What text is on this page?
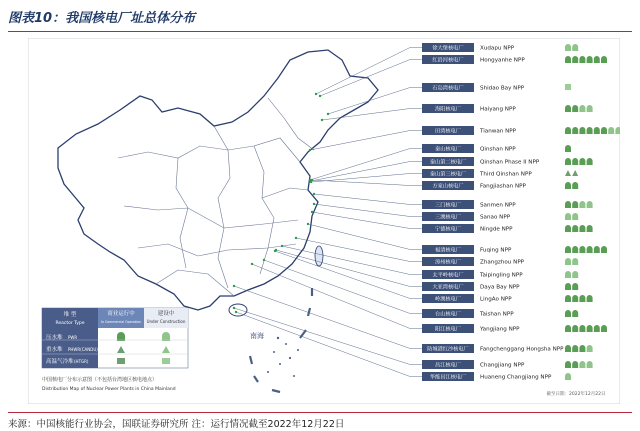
图表10：我国核电厂址总体分布
南海
徐大堡核电厂	Xudapu NPP
红沿河核电厂	Hongyanhe NPP
石岛湾核电厂	Shidao Bay NPP
海阳核电厂	Haiyang NPP
田湾核电厂	Tianwan NPP
秦山核电厂	Qinshan NPP
秦山第二核电厂 Qinshan Phase II NPP
秦山第三核电厂 Third Qinshan NPP
方家山核电厂	Fangjiashan NPP
三门核电厂	Sanmen NPP
三澳核电厂	Sanao NPP
宁德核电厂	Ningde NPP
福清核电厂	Fuqing NPP
漳州核电厂	Zhangzhou NPP
太平岭核电厂	Taipingling NPP
大亚湾核电厂	Daya Bay NPP
岭澳核电厂	LingAo NPP
台山核电厂	Taishan NPP
阳江核电厂	Yangjiang NPP
防城港红沙核电厂 Fangchenggang Hongsha NPP
昌江核电厂	Changjiang NPP
华能昌江核电厂 Huaneng Changjiang NPP
堆 型
Reactor Type
商业运行中
In Commercial Operation
建设中
Under Construction
压水堆 PWR
重水堆 PHWR(CANDU)
高温气冷堆 (HTGR)
中国核电厂分布示意图（不包括台湾地区核电地点）
Distribution Map of Nuclear Power Plants in China Mainland
截至日期：2022年12月22日
来源：中国核能行业协会，国联证券研究所 注：运行情况截至2022年12月22日
